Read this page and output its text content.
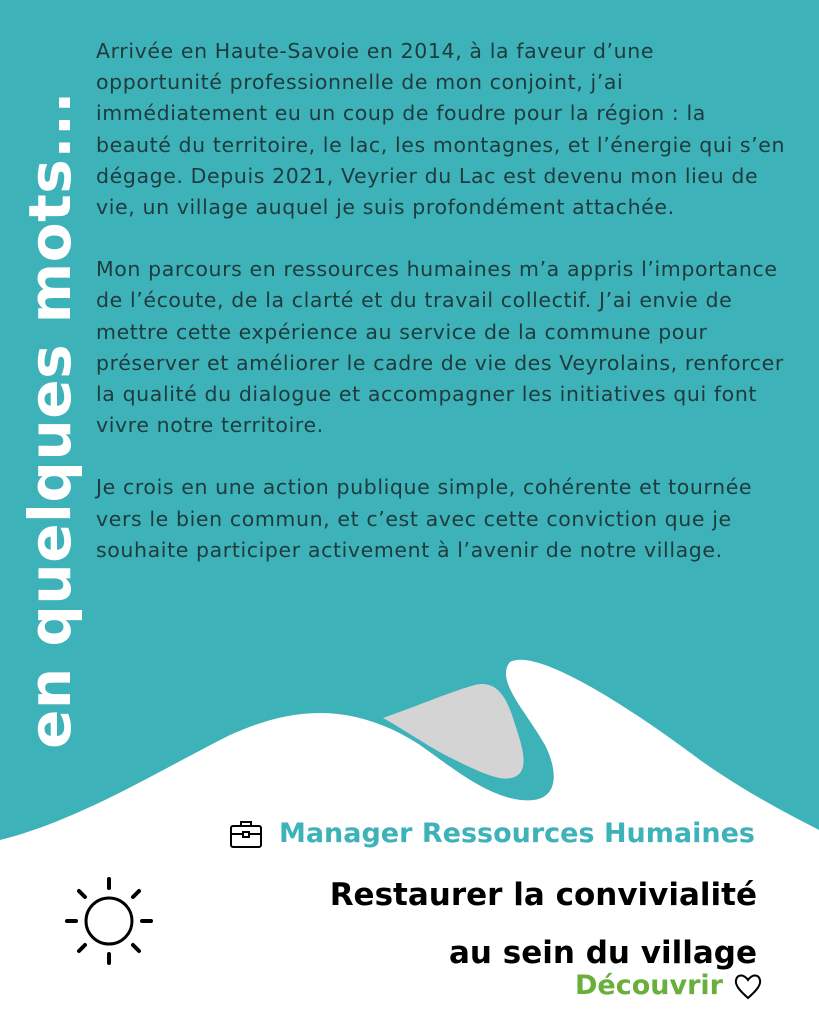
en quelques mots...

Arrivée en Haute-Savoie en 2014, à la faveur d’une opportunité professionnelle de mon conjoint, j’ai immédiatement eu un coup de foudre pour la région : la beauté du territoire, le lac, les montagnes, et l’énergie qui s’en dégage. Depuis 2021, Veyrier du Lac est devenu mon lieu de vie, un village auquel je suis profondément attachée.

Mon parcours en ressources humaines m’a appris l’importance de l’écoute, de la clarté et du travail collectif. J’ai envie de mettre cette expérience au service de la commune pour préserver et améliorer le cadre de vie des Veyrolains, renforcer la qualité du dialogue et accompagner les initiatives qui font vivre notre territoire.

Je crois en une action publique simple, cohérente et tournée vers le bien commun, et c’est avec cette conviction que je souhaite participer activement à l’avenir de notre village.

Manager Ressources Humaines
Restaurer la convivialité
au sein du village
Découvrir
